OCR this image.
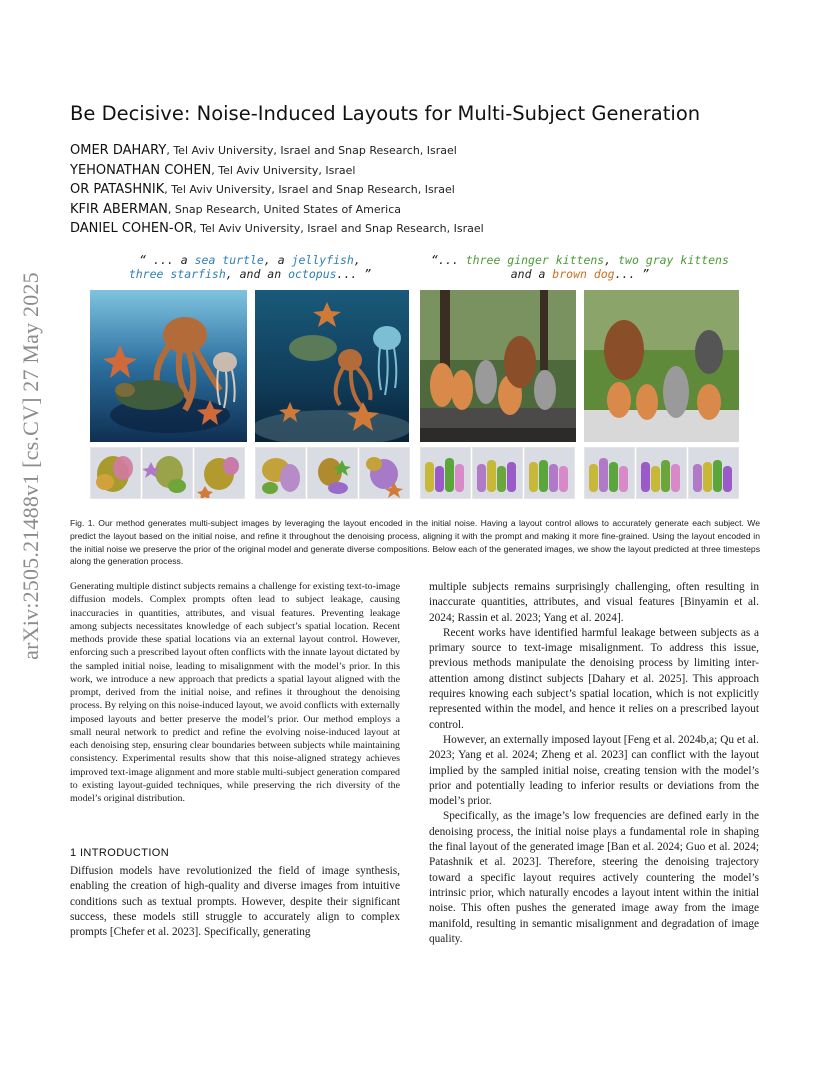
arXiv:2505.21488v1 [cs.CV] 27 May 2025
Be Decisive: Noise-Induced Layouts for Multi-Subject Generation
OMER DAHARY, Tel Aviv University, Israel and Snap Research, Israel
YEHONATHAN COHEN, Tel Aviv University, Israel
OR PATASHNIK, Tel Aviv University, Israel and Snap Research, Israel
KFIR ABERMAN, Snap Research, United States of America
DANIEL COHEN-OR, Tel Aviv University, Israel and Snap Research, Israel
“ ... a sea turtle, a jellyfish,
three starfish, and an octopus... ”
“... three ginger kittens, two gray kittens
and a brown dog... ”
Fig. 1. Our method generates multi-subject images by leveraging the layout encoded in the initial noise. Having a layout control allows to accurately generate each subject. We predict the layout based on the initial noise, and refine it throughout the denoising process, aligning it with the prompt and making it more fine-grained. Using the layout encoded in the initial noise we preserve the prior of the original model and generate diverse compositions. Below each of the generated images, we show the layout predicted at three timesteps along the generation process.
Generating multiple distinct subjects remains a challenge for existing text-to-image diffusion models. Complex prompts often lead to subject leakage, causing inaccuracies in quantities, attributes, and visual features. Preventing leakage among subjects necessitates knowledge of each subject’s spatial location. Recent methods provide these spatial locations via an external layout control. However, enforcing such a prescribed layout often conflicts with the innate layout dictated by the sampled initial noise, leading to misalignment with the model’s prior. In this work, we introduce a new approach that predicts a spatial layout aligned with the prompt, derived from the initial noise, and refines it throughout the denoising process. By relying on this noise-induced layout, we avoid conflicts with externally imposed layouts and better preserve the model’s prior. Our method employs a small neural network to predict and refine the evolving noise-induced layout at each denoising step, ensuring clear boundaries between subjects while maintaining consistency. Experimental results show that this noise-aligned strategy achieves improved text-image alignment and more stable multi-subject generation compared to existing layout-guided techniques, while preserving the rich diversity of the model’s original distribution.
1 INTRODUCTION

Diffusion models have revolutionized the field of image synthesis, enabling the creation of high-quality and diverse images from intuitive conditions such as textual prompts. However, despite their significant success, these models still struggle to accurately align to complex prompts [Chefer et al. 2023]. Specifically, generating

multiple subjects remains surprisingly challenging, often resulting in inaccurate quantities, attributes, and visual features [Binyamin et al. 2024; Rassin et al. 2023; Yang et al. 2024].

Recent works have identified harmful leakage between subjects as a primary source to text-image misalignment. To address this issue, previous methods manipulate the denoising process by limiting inter-attention among distinct subjects [Dahary et al. 2025]. This approach requires knowing each subject’s spatial location, which is not explicitly represented within the model, and hence it relies on a prescribed layout control.

However, an externally imposed layout [Feng et al. 2024b,a; Qu et al. 2023; Yang et al. 2024; Zheng et al. 2023] can conflict with the layout implied by the sampled initial noise, creating tension with the model’s prior and potentially leading to inferior results or deviations from the model’s prior.

Specifically, as the image’s low frequencies are defined early in the denoising process, the initial noise plays a fundamental role in shaping the final layout of the generated image [Ban et al. 2024; Guo et al. 2024; Patashnik et al. 2023]. Therefore, steering the denoising trajectory toward a specific layout requires actively countering the model’s intrinsic prior, which naturally encodes a layout intent within the initial noise. This often pushes the generated image away from the image manifold, resulting in semantic misalignment and degradation of image quality.
